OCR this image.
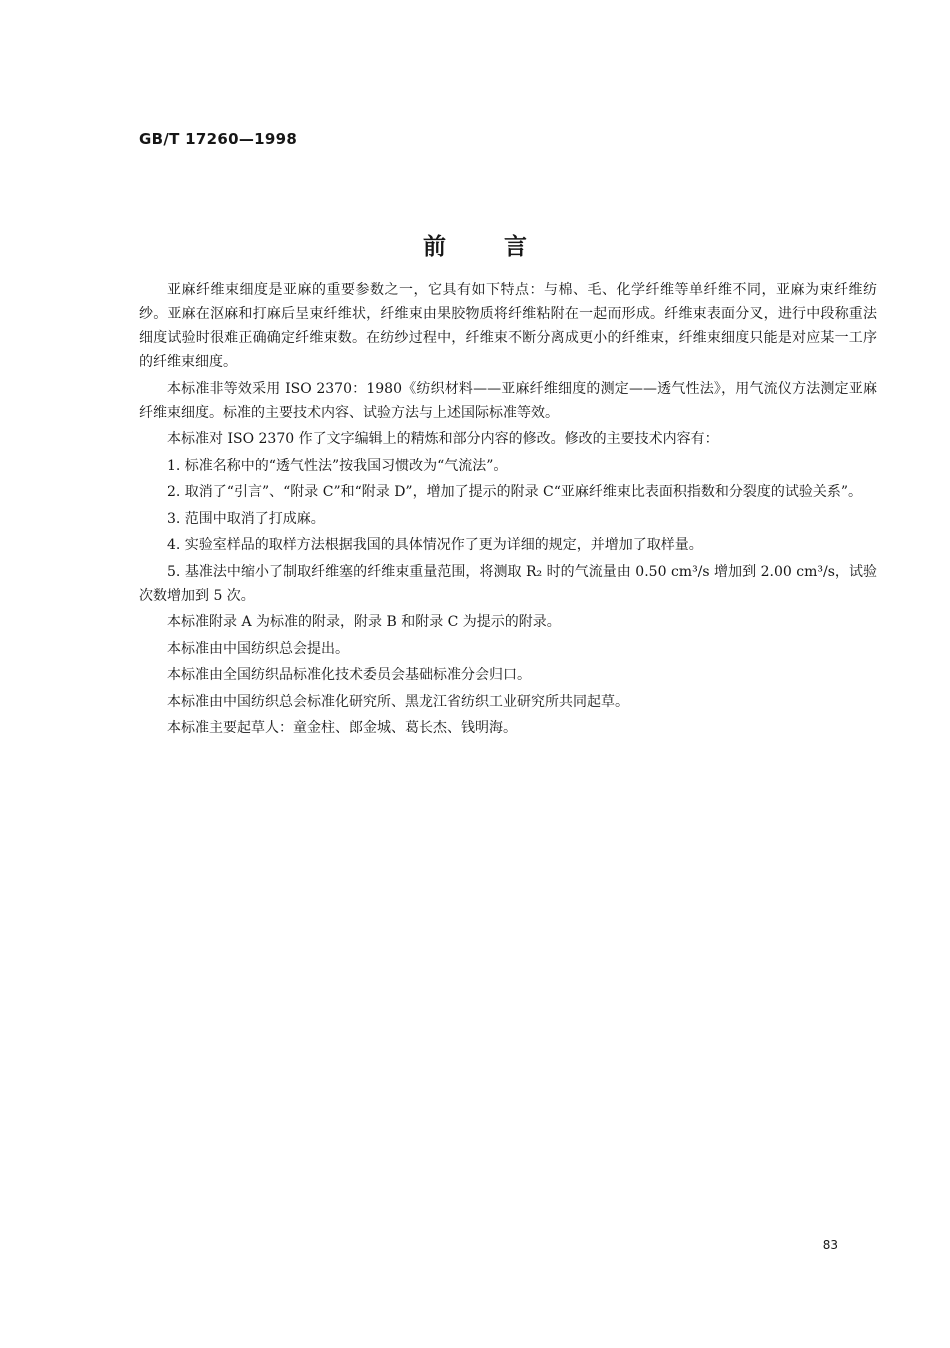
GB/T 17260—1998
前言

亚麻纤维束细度是亚麻的重要参数之一，它具有如下特点：与棉、毛、化学纤维等单纤维不同，亚麻为束纤维纺纱。亚麻在沤麻和打麻后呈束纤维状，纤维束由果胶物质将纤维粘附在一起而形成。纤维束表面分叉，进行中段称重法细度试验时很难正确确定纤维束数。在纺纱过程中，纤维束不断分离成更小的纤维束，纤维束细度只能是对应某一工序的纤维束细度。

本标准非等效采用 ISO 2370：1980《纺织材料——亚麻纤维细度的测定——透气性法》，用气流仪方法测定亚麻纤维束细度。标准的主要技术内容、试验方法与上述国际标准等效。

本标准对 ISO 2370 作了文字编辑上的精炼和部分内容的修改。修改的主要技术内容有：

1. 标准名称中的“透气性法”按我国习惯改为“气流法”。

2. 取消了“引言”、“附录 C”和“附录 D”，增加了提示的附录 C“亚麻纤维束比表面积指数和分裂度的试验关系”。

3. 范围中取消了打成麻。

4. 实验室样品的取样方法根据我国的具体情况作了更为详细的规定，并增加了取样量。

5. 基准法中缩小了制取纤维塞的纤维束重量范围，将测取 R₂ 时的气流量由 0.50 cm³/s 增加到 2.00 cm³/s，试验次数增加到 5 次。

本标准附录 A 为标准的附录，附录 B 和附录 C 为提示的附录。

本标准由中国纺织总会提出。

本标准由全国纺织品标准化技术委员会基础标准分会归口。

本标准由中国纺织总会标准化研究所、黑龙江省纺织工业研究所共同起草。

本标准主要起草人：童金柱、郎金城、葛长杰、钱明海。

83
